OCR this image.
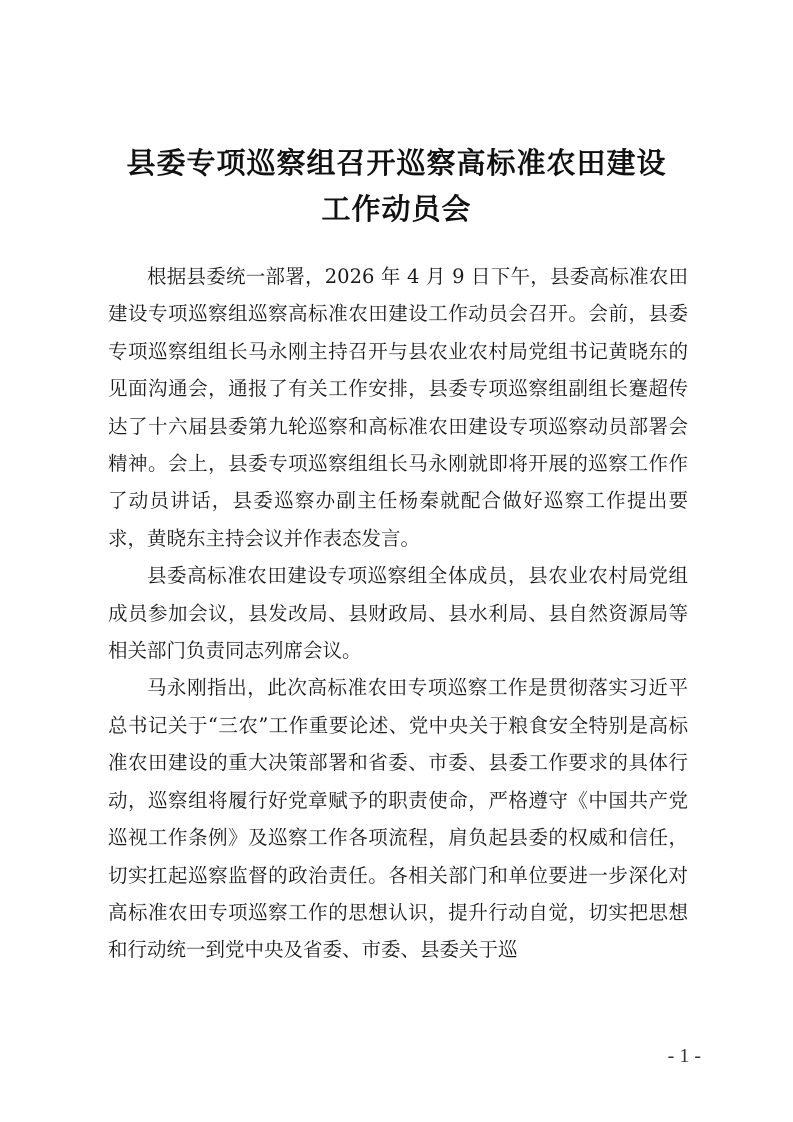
县委专项巡察组召开巡察高标准农田建设
工作动员会

根据县委统一部署，2026 年 4 月 9 日下午，县委高标准农田建设专项巡察组巡察高标准农田建设工作动员会召开。会前，县委专项巡察组组长马永刚主持召开与县农业农村局党组书记黄晓东的见面沟通会，通报了有关工作安排，县委专项巡察组副组长蹇超传达了十六届县委第九轮巡察和高标准农田建设专项巡察动员部署会精神。会上，县委专项巡察组组长马永刚就即将开展的巡察工作作了动员讲话，县委巡察办副主任杨秦就配合做好巡察工作提出要求，黄晓东主持会议并作表态发言。

县委高标准农田建设专项巡察组全体成员，县农业农村局党组成员参加会议，县发改局、县财政局、县水利局、县自然资源局等相关部门负责同志列席会议。

马永刚指出，此次高标准农田专项巡察工作是贯彻落实习近平总书记关于“三农”工作重要论述、党中央关于粮食安全特别是高标准农田建设的重大决策部署和省委、市委、县委工作要求的具体行动，巡察组将履行好党章赋予的职责使命，严格遵守《中国共产党巡视工作条例》及巡察工作各项流程，肩负起县委的权威和信任，切实扛起巡察监督的政治责任。各相关部门和单位要进一步深化对高标准农田专项巡察工作的思想认识，提升行动自觉，切实把思想和行动统一到党中央及省委、市委、县委关于巡

- 1 -
